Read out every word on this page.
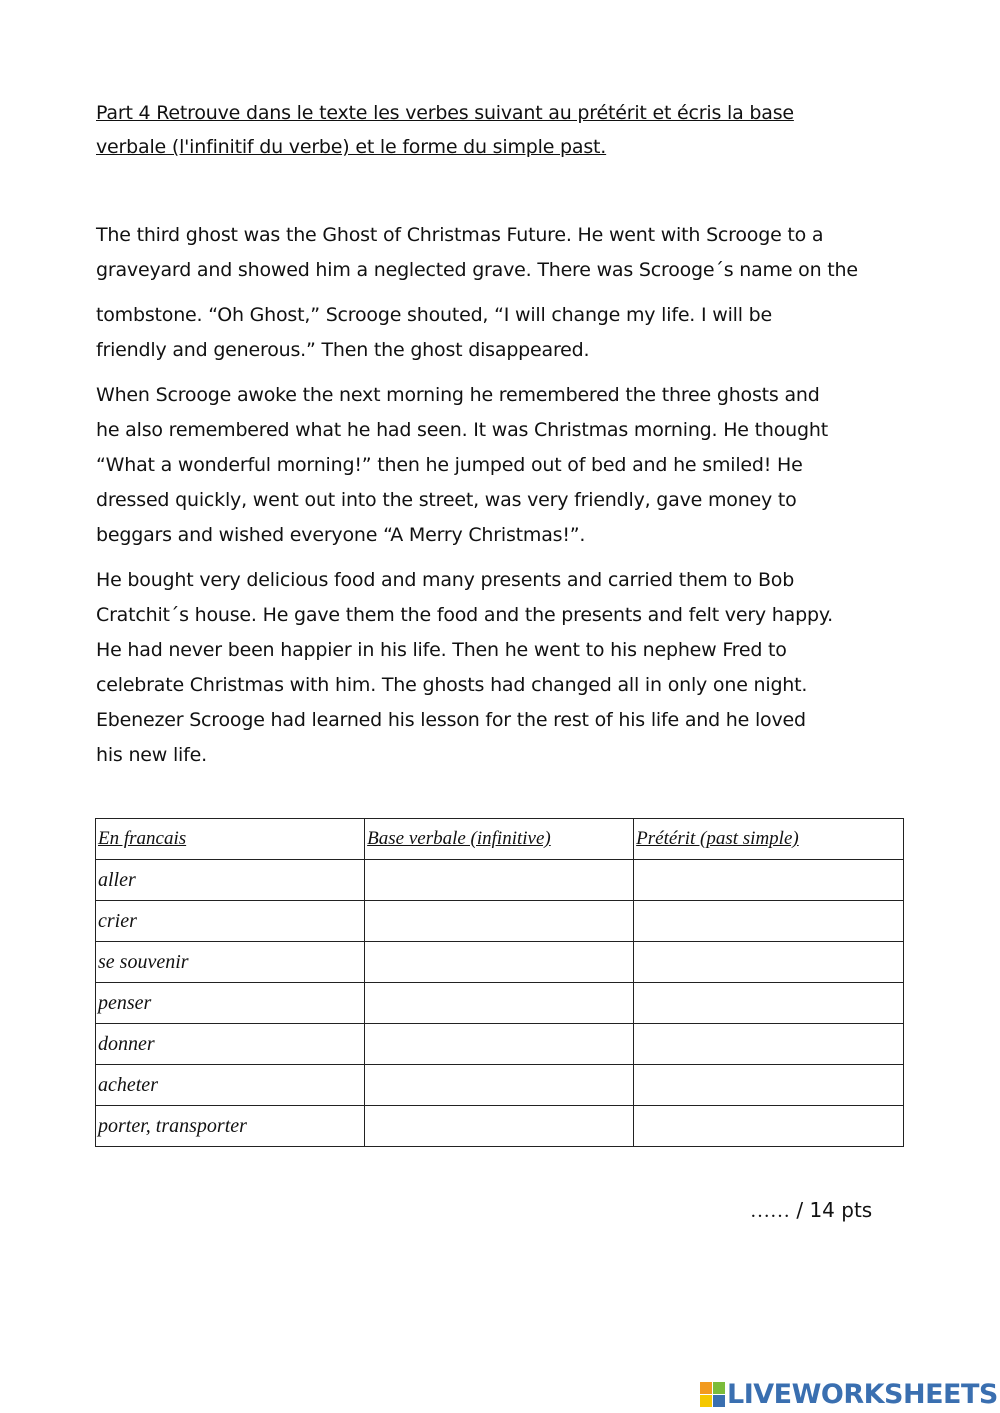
Part 4 Retrouve dans le texte les verbes suivant au prétérit et écris la base
verbale (l'infinitif du verbe) et le forme du simple past.
The third ghost was the Ghost of Christmas Future. He went with Scrooge to a
graveyard and showed him a neglected grave. There was Scrooge´s name on the
tombstone. “Oh Ghost,” Scrooge shouted, “I will change my life. I will be
friendly and generous.” Then the ghost disappeared.
When Scrooge awoke the next morning he remembered the three ghosts and
he also remembered what he had seen. It was Christmas morning. He thought
“What a wonderful morning!” then he jumped out of bed and he smiled! He
dressed quickly, went out into the street, was very friendly, gave money to
beggars and wished everyone “A Merry Christmas!”.
He bought very delicious food and many presents and carried them to Bob
Cratchit´s house. He gave them the food and the presents and felt very happy.
He had never been happier in his life. Then he went to his nephew Fred to
celebrate Christmas with him. The ghosts had changed all in only one night.
Ebenezer Scrooge had learned his lesson for the rest of his life and he loved
his new life.
En francais	Base verbale (infinitive)	Prétérit (past simple)
aller		
crier		
se souvenir		
penser		
donner		
acheter		
porter, transporter		
…… / 14 pts
LIVEWORKSHEETS
